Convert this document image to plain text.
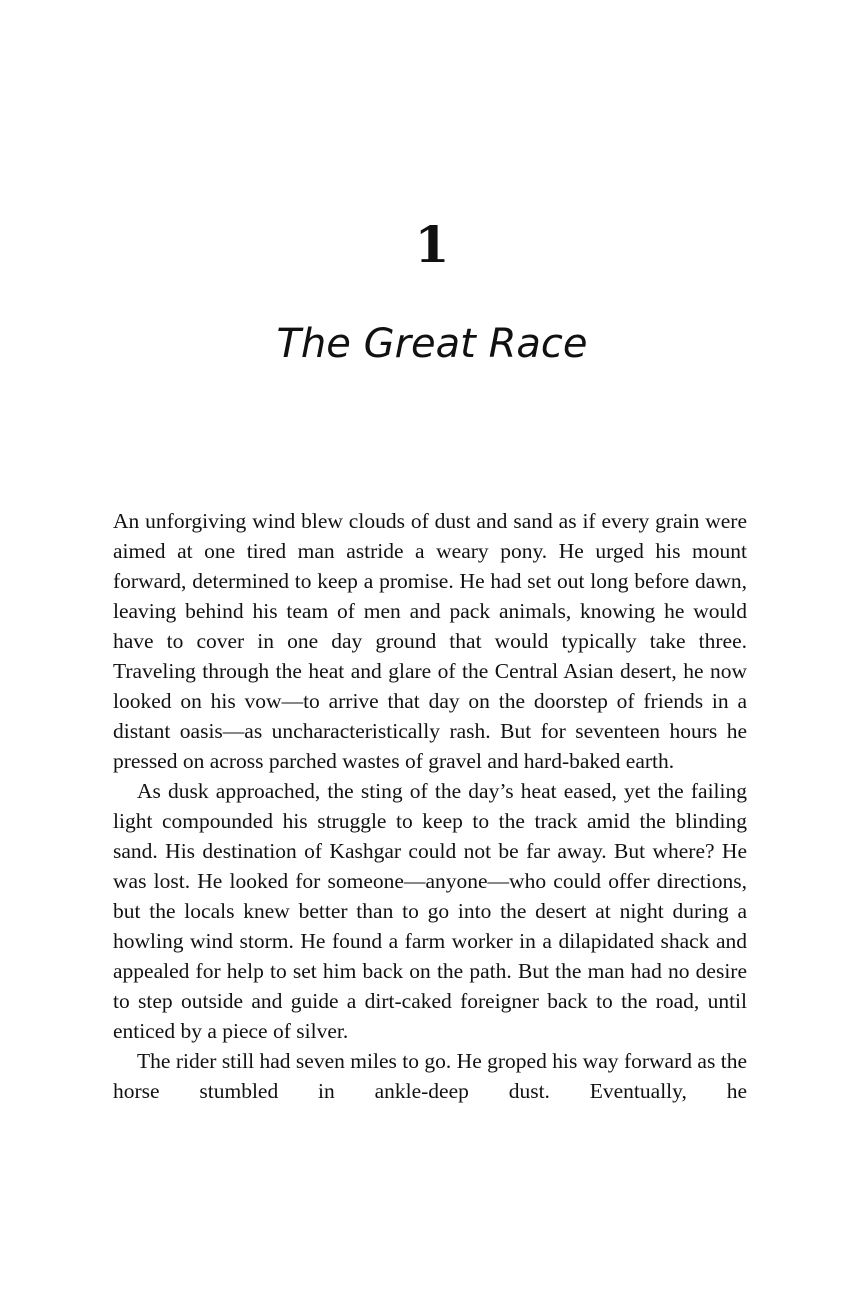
1
The Great Race

An unforgiving wind blew clouds of dust and sand as if every grain were aimed at one tired man astride a weary pony. He urged his mount forward, determined to keep a promise. He had set out long before dawn, leaving behind his team of men and pack animals, knowing he would have to cover in one day ground that would typically take three. Traveling through the heat and glare of the Central Asian desert, he now looked on his vow—to arrive that day on the doorstep of friends in a distant oasis—as uncharacteristically rash. But for seventeen hours he pressed on across parched wastes of gravel and hard-baked earth.

As dusk approached, the sting of the day’s heat eased, yet the failing light compounded his struggle to keep to the track amid the blinding sand. His destination of Kashgar could not be far away. But where? He was lost. He looked for someone—anyone—who could offer directions, but the locals knew better than to go into the desert at night during a howling wind storm. He found a farm worker in a dilapidated shack and appealed for help to set him back on the path. But the man had no desire to step outside and guide a dirt-caked foreigner back to the road, until enticed by a piece of silver.

The rider still had seven miles to go. He groped his way forward as the horse stumbled in ankle-deep dust. Eventually, he
